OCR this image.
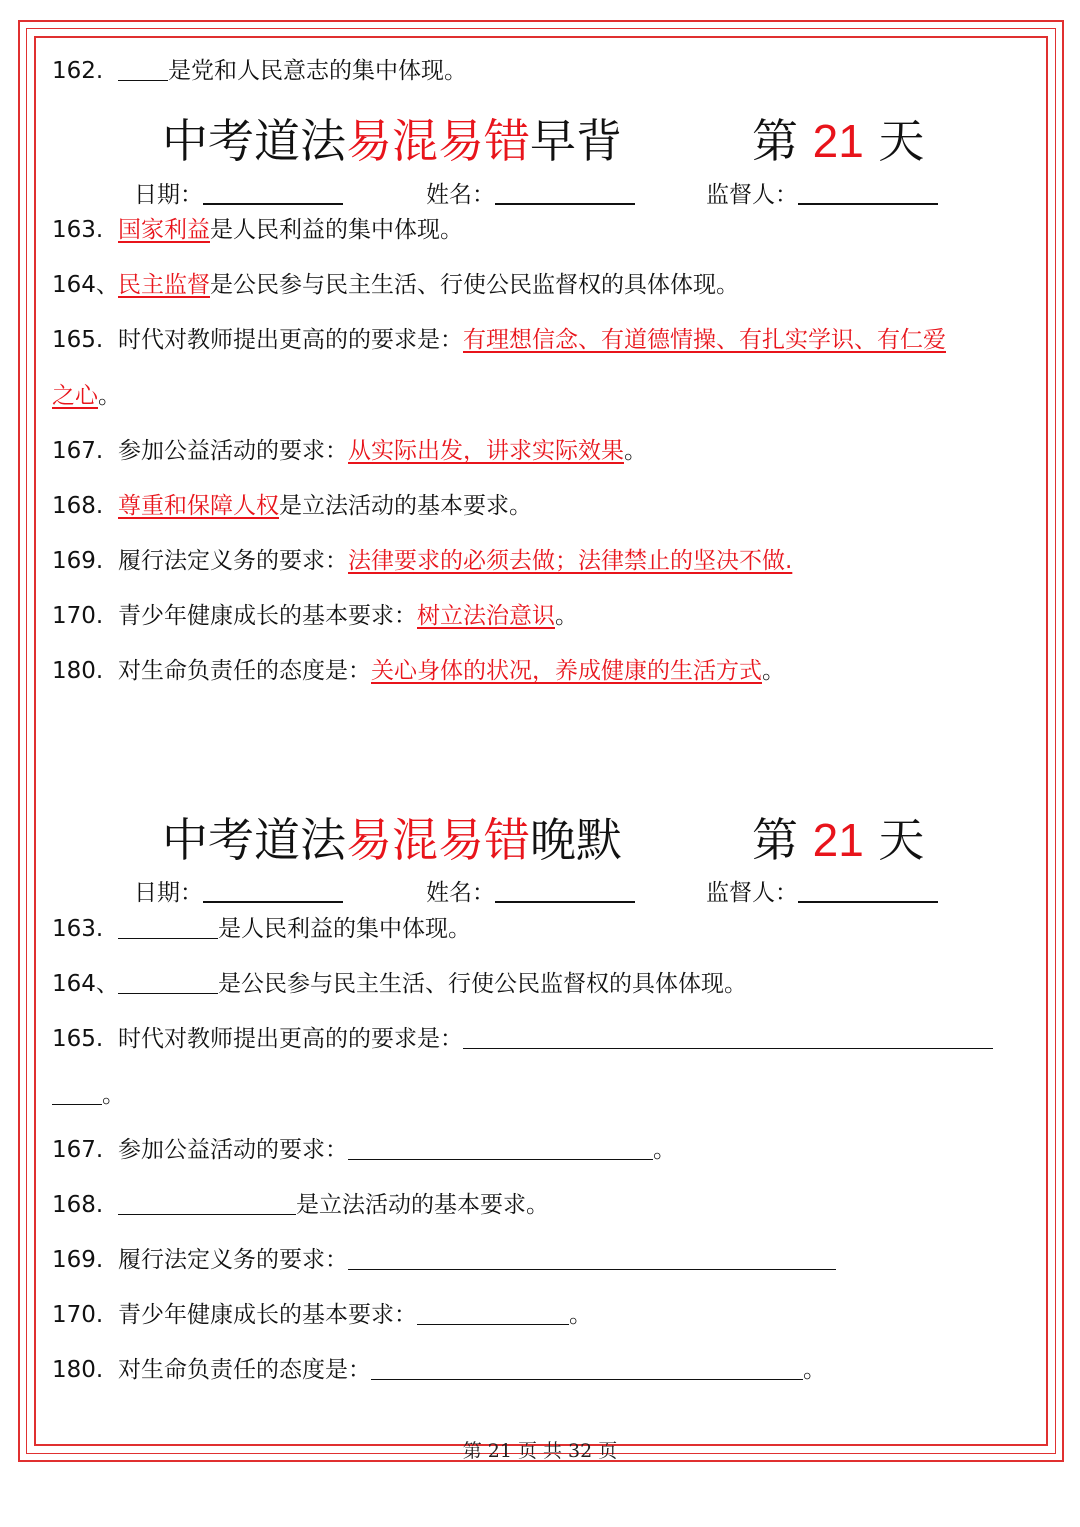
162.	是党和人民意志的集中体现。
中考道法易混易错早背	第 21 天
日期：	姓名：	监督人：
163. 国家利益是人民利益的集中体现。
164、民主监督是公民参与民主生活、行使公民监督权的具体体现。
165. 时代对教师提出更高的的要求是：有理想信念、有道德情操、有扎实学识、有仁爱
之心。
167. 参加公益活动的要求：从实际出发，讲求实际效果。
168. 尊重和保障人权是立法活动的基本要求。
169. 履行法定义务的要求：法律要求的必须去做；法律禁止的坚决不做.
170. 青少年健康成长的基本要求：树立法治意识。
180. 对生命负责任的态度是：关心身体的状况，养成健康的生活方式。
中考道法易混易错晚默	第 21 天
日期：	姓名：	监督人：
163.	是人民利益的集中体现。
164、	是公民参与民主生活、行使公民监督权的具体体现。
165. 时代对教师提出更高的的要求是：
。
167. 参加公益活动的要求：	。
168.	是立法活动的基本要求。
169. 履行法定义务的要求：
170. 青少年健康成长的基本要求：	。
180. 对生命负责任的态度是：	。
第 21 页 共 32 页
